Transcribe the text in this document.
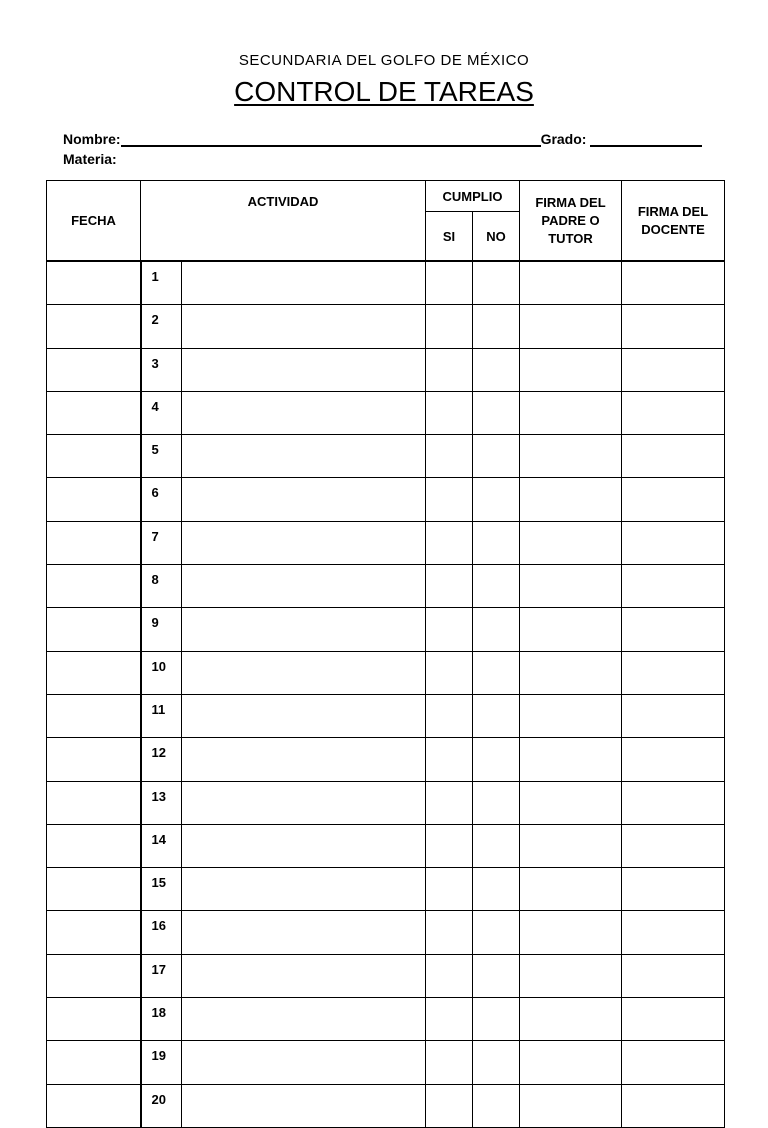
SECUNDARIA DEL GOLFO DE MÉXICO
CONTROL DE TAREAS
Nombre:	Grado:
Materia:
FECHA	ACTIVIDAD		CUMPLIO		FIRMA DEL PADRE O TUTOR	FIRMA DEL DOCENTE
			SI	NO		
	1					
	2					
	3					
	4					
	5					
	6					
	7					
	8					
	9					
	10					
	11					
	12					
	13					
	14					
	15					
	16					
	17					
	18					
	19					
	20					
